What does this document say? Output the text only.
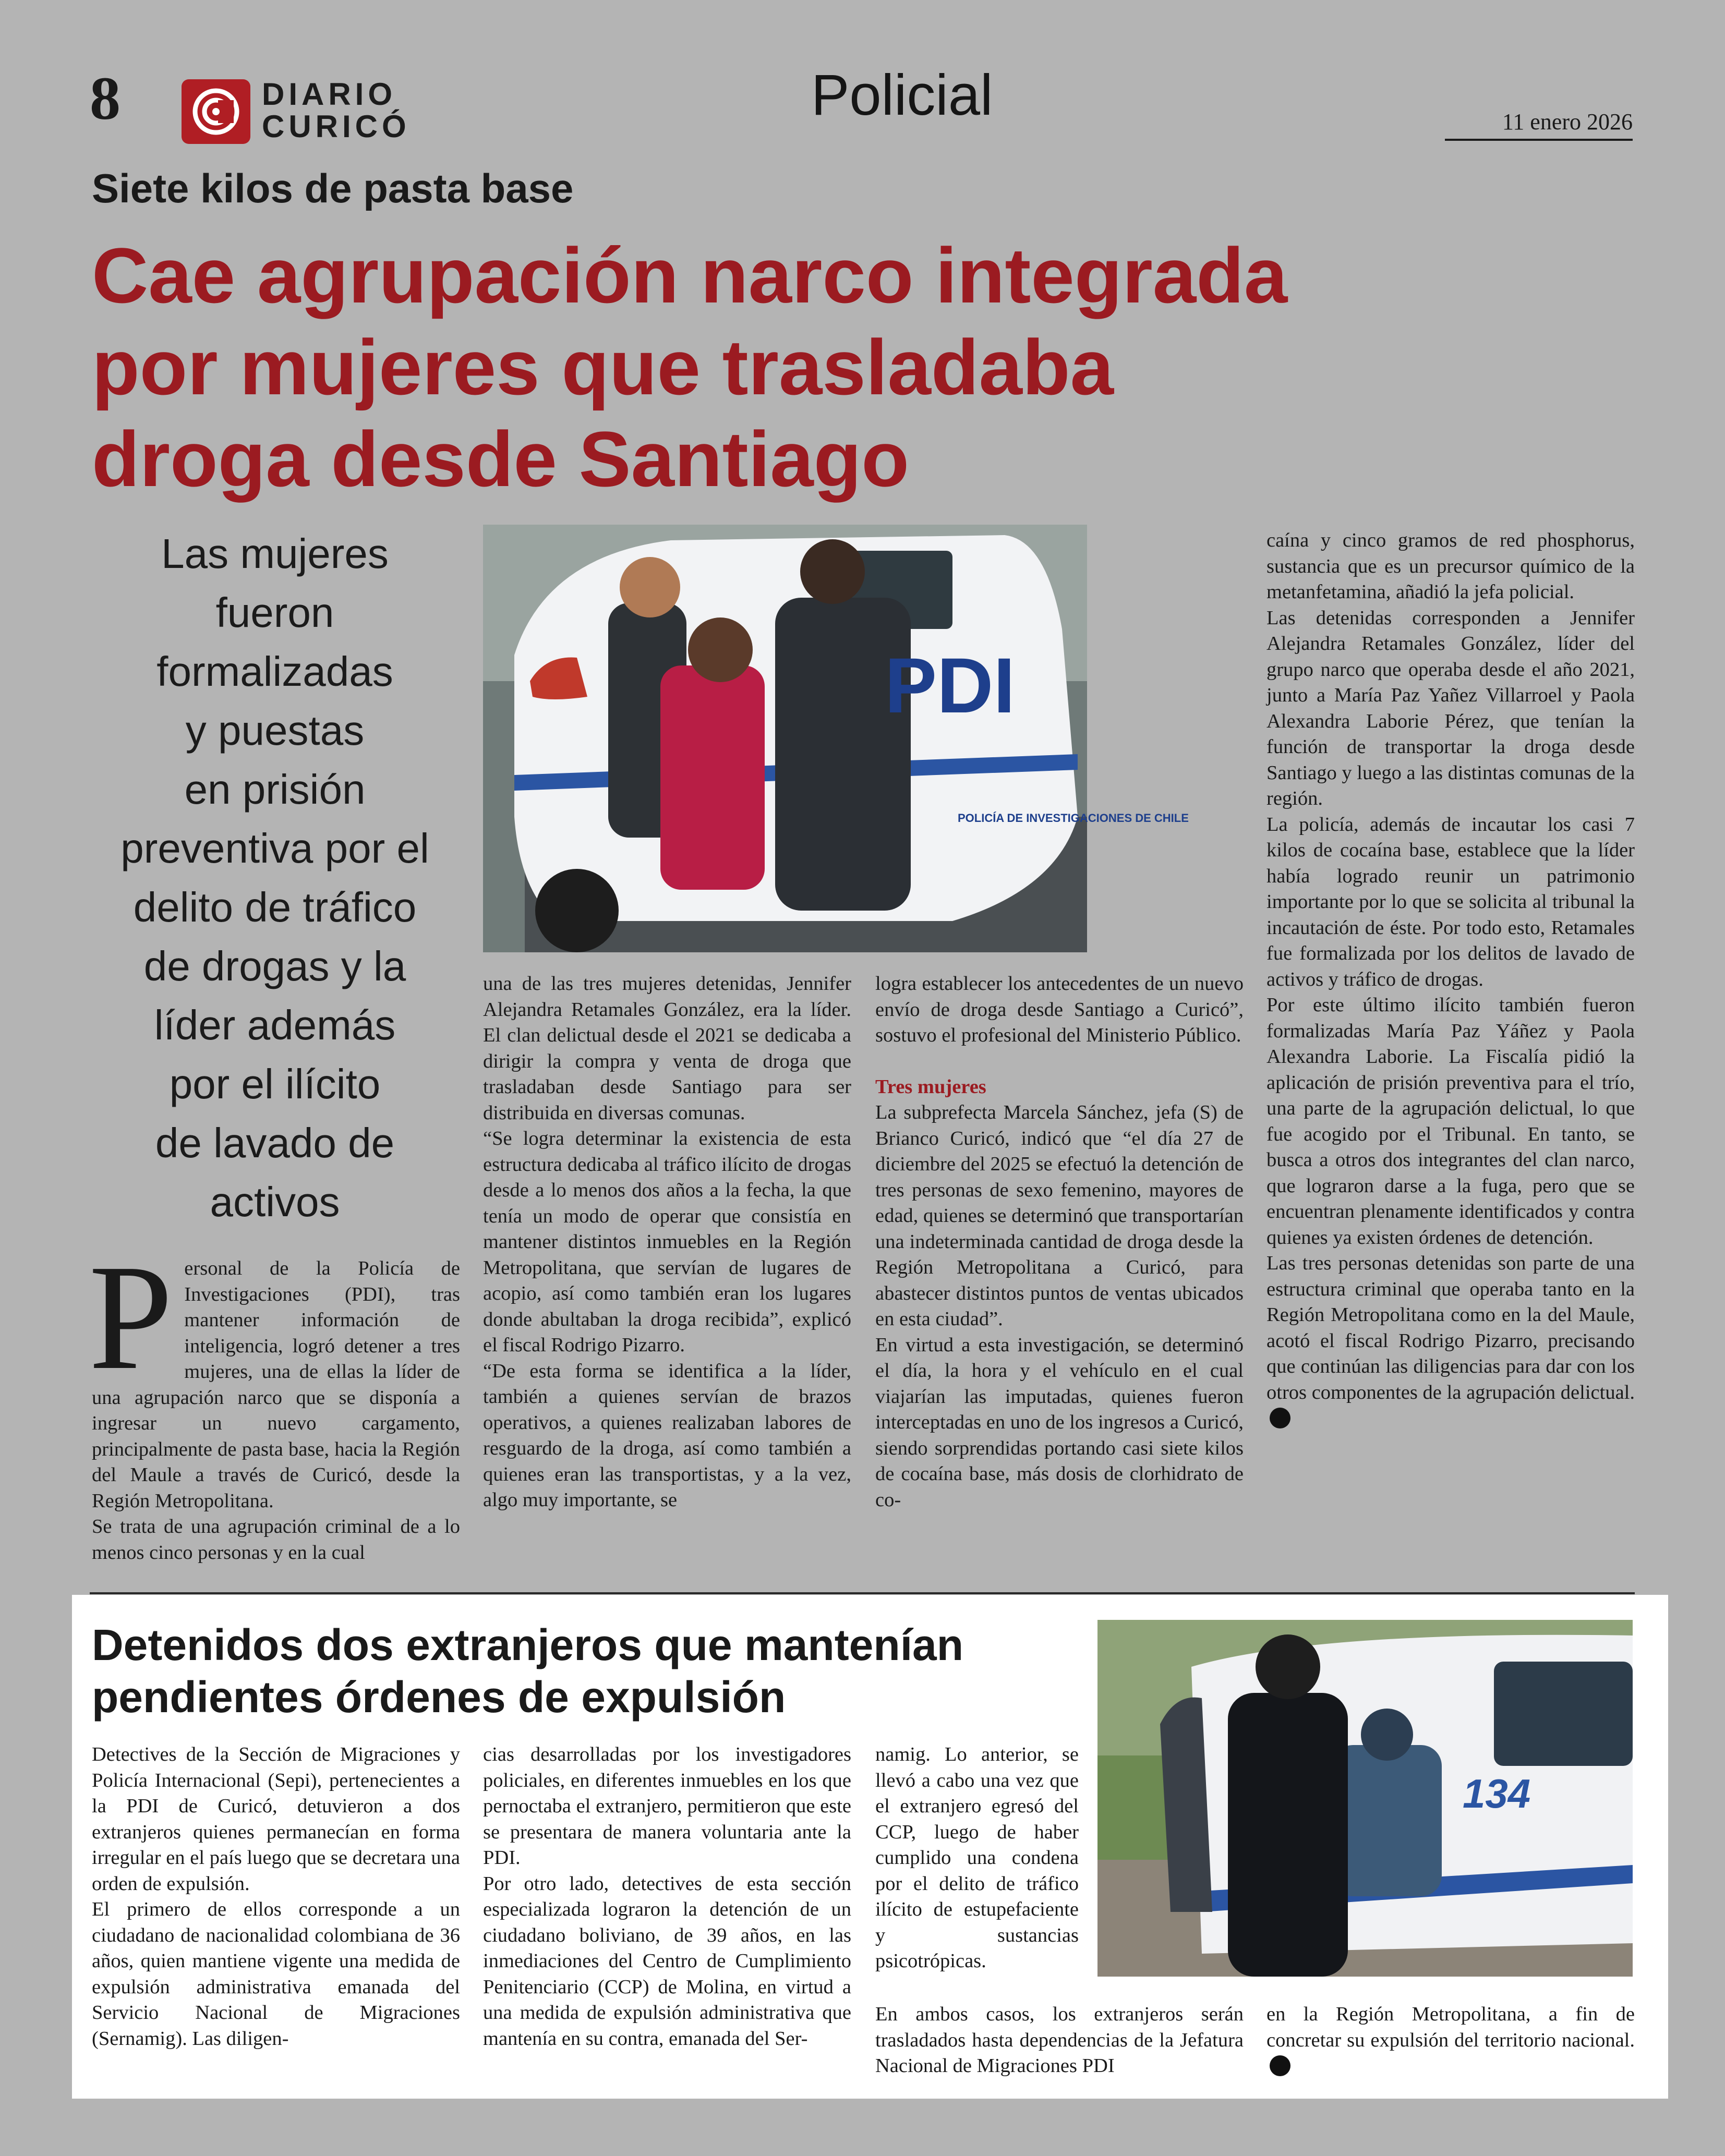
8	DIARIO
CURICÓ	Policial	11 enero 2026
Siete kilos de pasta base
Cae agrupación narco integrada
por mujeres que trasladaba
droga desde Santiago
Las mujeres
fueron
formalizadas
y puestas
en prisión
preventiva por el
delito de tráfico
de drogas y la
líder además
por el ilícito
de lavado de
activos
PDI
POLICÍA DE INVESTIGACIONES DE CHILE

Personal de la Policía de Investigaciones (PDI), tras mantener información de inteligencia, logró detener a tres mujeres, una de ellas la líder de una agrupación narco que se disponía a ingresar un nuevo cargamento, principalmente de pasta base, hacia la Región del Maule a través de Curicó, desde la Región Metropolitana.

Se trata de una agrupación criminal de a lo menos cinco personas y en la cual

una de las tres mujeres detenidas, Jennifer Alejandra Retamales González, era la líder. El clan delictual desde el 2021 se dedicaba a dirigir la compra y venta de droga que trasladaban desde Santiago para ser distribuida en diversas comunas.

“Se logra determinar la existencia de esta estructura dedicaba al tráfico ilícito de drogas desde a lo menos dos años a la fecha, la que tenía un modo de operar que consistía en mantener distintos inmuebles en la Región Metropolitana, que servían de lugares de acopio, así como también eran los lugares donde abultaban la droga recibida”, explicó el fiscal Rodrigo Pizarro.

“De esta forma se identifica a la líder, también a quienes servían de brazos operativos, a quienes realizaban labores de resguardo de la droga, así como también a quienes eran las transportistas, y a la vez, algo muy importante, se

logra establecer los antecedentes de un nuevo envío de droga desde Santiago a Curicó”, sostuvo el profesional del Ministerio Público.

Tres mujeres

La subprefecta Marcela Sánchez, jefa (S) de Brianco Curicó, indicó que “el día 27 de diciembre del 2025 se efectuó la detención de tres personas de sexo femenino, mayores de edad, quienes se determinó que transportarían una indeterminada cantidad de droga desde la Región Metropolitana a Curicó, para abastecer distintos puntos de ventas ubicados en esta ciudad”.

En virtud a esta investigación, se determinó el día, la hora y el vehículo en el cual viajarían las imputadas, quienes fueron interceptadas en uno de los ingresos a Curicó, siendo sorprendidas portando casi siete kilos de cocaína base, más dosis de clorhidrato de co-

caína y cinco gramos de red phosphorus, sustancia que es un precursor químico de la metanfetamina, añadió la jefa policial.

Las detenidas corresponden a Jennifer Alejandra Retamales González, líder del grupo narco que operaba desde el año 2021, junto a María Paz Yañez Villarroel y Paola Alexandra Laborie Pérez, que tenían la función de transportar la droga desde Santiago y luego a las distintas comunas de la región.

La policía, además de incautar los casi 7 kilos de cocaína base, establece que la líder había logrado reunir un patrimonio importante por lo que se solicita al tribunal la incautación de éste. Por todo esto, Retamales fue formalizada por los delitos de lavado de activos y tráfico de drogas.

Por este último ilícito también fueron formalizadas María Paz Yáñez y Paola Alexandra Laborie. La Fiscalía pidió la aplicación de prisión preventiva para el trío, una parte de la agrupación delictual, lo que fue acogido por el Tribunal. En tanto, se busca a otros dos integrantes del clan narco, que lograron darse a la fuga, pero que se encuentran plenamente identificados y contra quienes ya existen órdenes de detención.

Las tres personas detenidas son parte de una estructura criminal que operaba tanto en la Región Metropolitana como en la del Maule, acotó el fiscal Rodrigo Pizarro, precisando que continúan las diligencias para dar con los otros componentes de la agrupación delictual.

Detenidos dos extranjeros que mantenían
pendientes órdenes de expulsión
134

Detectives de la Sección de Migraciones y Policía Internacional (Sepi), pertenecientes a la PDI de Curicó, detuvieron a dos extranjeros quienes permanecían en forma irregular en el país luego que se decretara una orden de expulsión.

El primero de ellos corresponde a un ciudadano de nacionalidad colombiana de 36 años, quien mantiene vigente una medida de expulsión administrativa emanada del Servicio Nacional de Migraciones (Sernamig). Las diligen-

cias desarrolladas por los investigadores policiales, en diferentes inmuebles en los que pernoctaba el extranjero, permitieron que este se presentara de manera voluntaria ante la PDI.

Por otro lado, detectives de esta sección especializada lograron la detención de un ciudadano boliviano, de 39 años, en las inmediaciones del Centro de Cumplimiento Penitenciario (CCP) de Molina, en virtud a una medida de expulsión administrativa que mantenía en su contra, emanada del Ser-

namig. Lo anterior, se llevó a cabo una vez que el extranjero egresó del CCP, luego de haber cumplido una condena por el delito de tráfico ilícito de estupefaciente y sustancias psicotrópicas.

En ambos casos, los extranjeros serán trasladados hasta dependencias de la Jefatura Nacional de Migraciones PDI

en la Región Metropolitana, a fin de concretar su expulsión del territorio nacional.
